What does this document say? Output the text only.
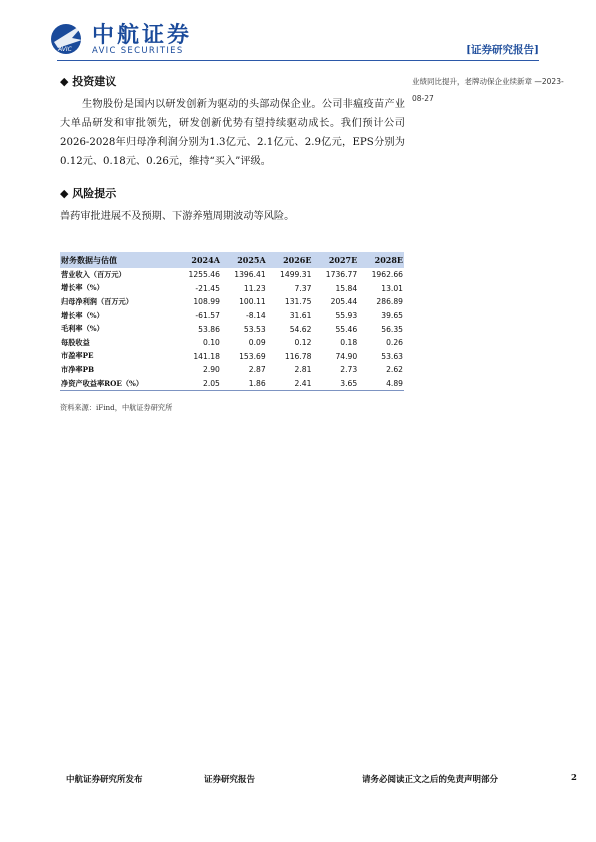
AVIC
中航证券
AVIC SECURITIES	[证券研究报告]
◆ 投资建议

生物股份是国内以研发创新为驱动的头部动保企业。公司非瘟疫苗产业大单品研发和审批领先，研发创新优势有望持续驱动成长。我们预计公司2026-2028年归母净利润分别为1.3亿元、2.1亿元、2.9亿元，EPS分别为0.12元、0.18元、0.26元，维持“买入”评级。

◆ 风险提示

兽药审批进展不及预期、下游养殖周期波动等风险。

业绩同比提升，老牌动保企业续新章 —2023-08-27
财务数据与估值	2024A	2025A	2026E	2027E	2028E
营业收入（百万元）	1255.46	1396.41	1499.31	1736.77	1962.66
增长率（%）	-21.45	11.23	7.37	15.84	13.01
归母净利润（百万元）	108.99	100.11	131.75	205.44	286.89
增长率（%）	-61.57	-8.14	31.61	55.93	39.65
毛利率（%）	53.86	53.53	54.62	55.46	56.35
每股收益	0.10	0.09	0.12	0.18	0.26
市盈率PE	141.18	153.69	116.78	74.90	53.63
市净率PB	2.90	2.87	2.81	2.73	2.62
净资产收益率ROE（%）	2.05	1.86	2.41	3.65	4.89
资料来源：iFind，中航证券研究所
中航证券研究所发布	证券研究报告	请务必阅读正文之后的免责声明部分	2
